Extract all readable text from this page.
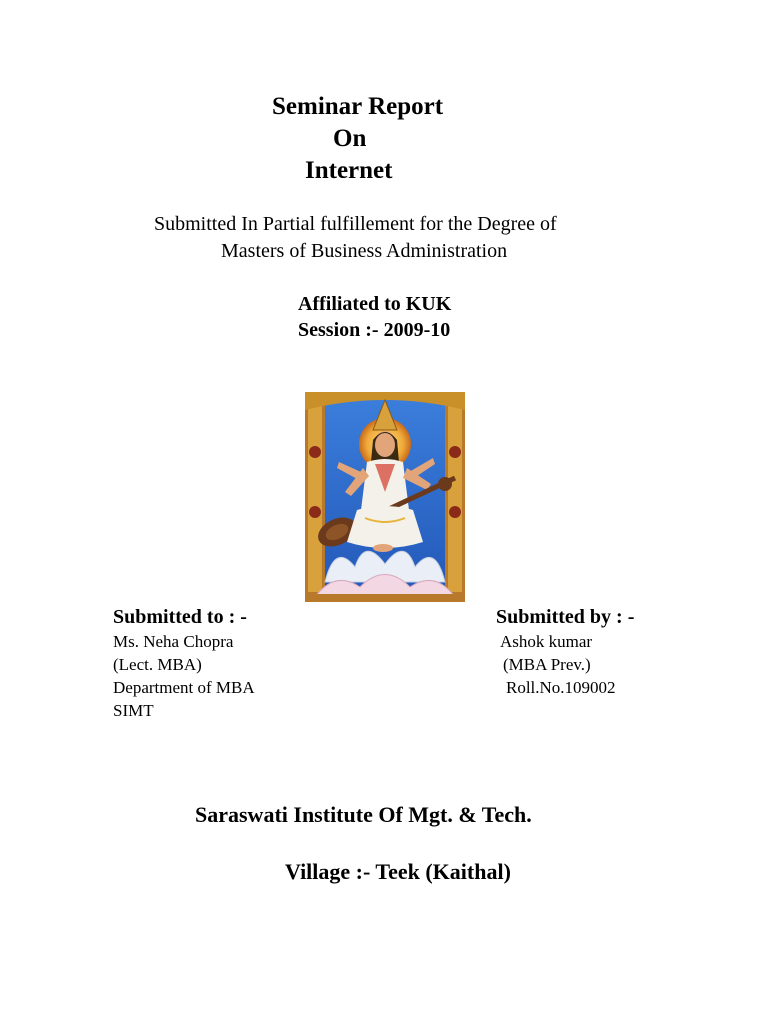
Seminar Report
On
Internet
Submitted In Partial fulfillement for the Degree of
Masters of Business Administration
Affiliated to KUK
Session :- 2009-10
Submitted to : -
Ms. Neha Chopra
(Lect. MBA)
Department of MBA
SIMT
Submitted by : -
Ashok kumar
(MBA Prev.)
Roll.No.109002
Saraswati Institute Of Mgt. & Tech.
Village :- Teek (Kaithal)
